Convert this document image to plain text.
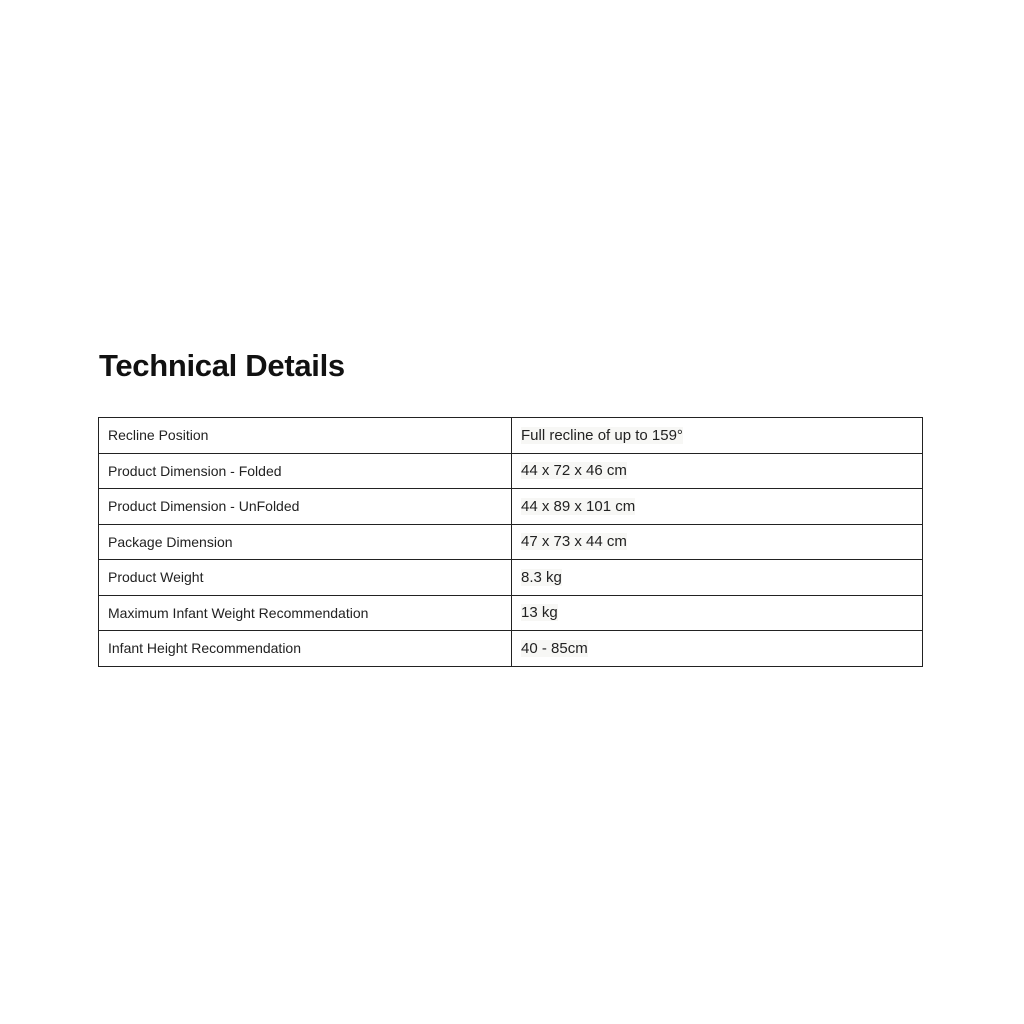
Technical Details
Recline Position	Full recline of up to 159°
Product Dimension - Folded	44 x 72 x 46 cm
Product Dimension - UnFolded	44 x 89 x 101 cm
Package Dimension	47 x 73 x 44 cm
Product Weight	8.3 kg
Maximum Infant Weight Recommendation	13 kg
Infant Height Recommendation	40 - 85cm
